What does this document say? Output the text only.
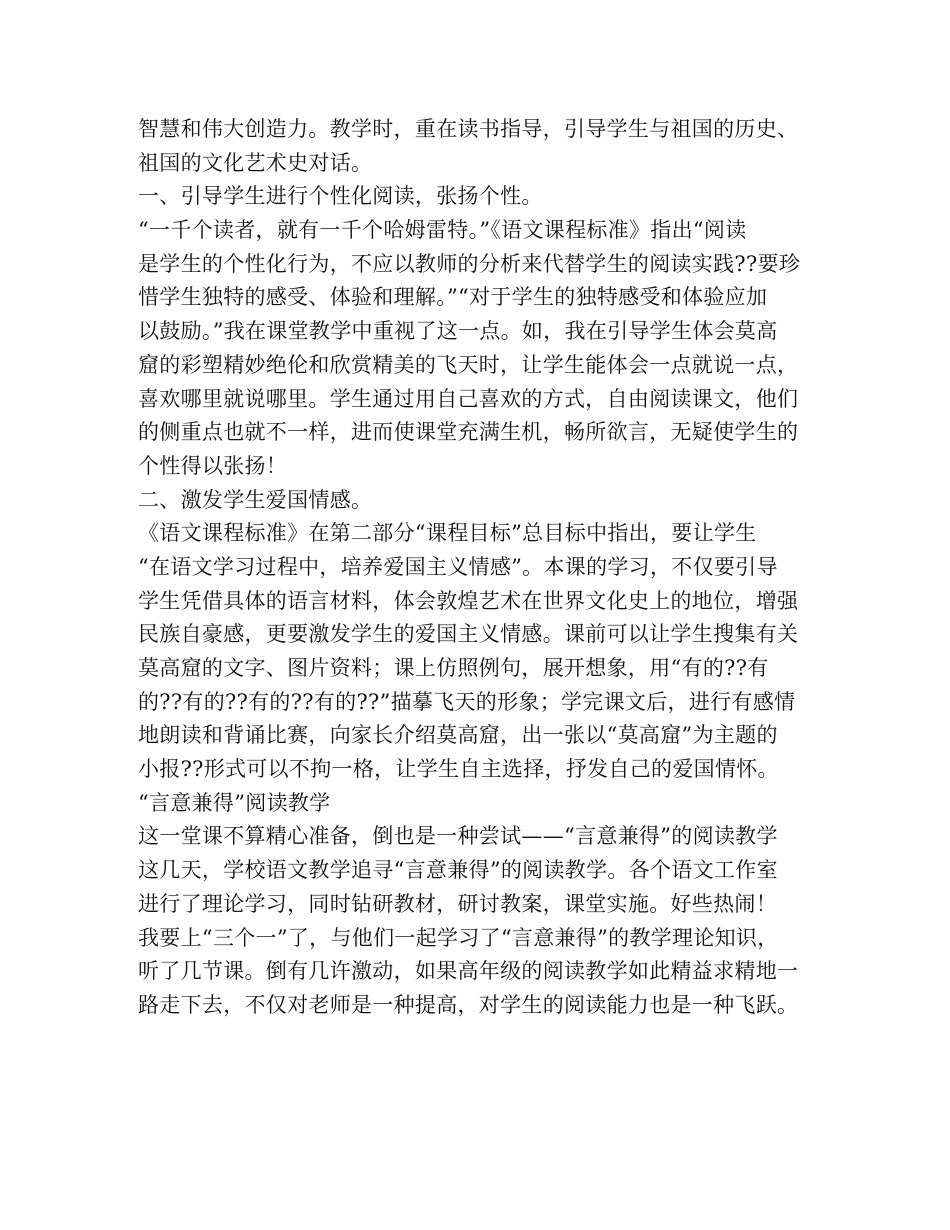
智慧和伟大创造力。教学时，重在读书指导，引导学生与祖国的历史、
祖国的文化艺术史对话。
一、引导学生进行个性化阅读，张扬个性。
“一千个读者，就有一千个哈姆雷特。”《语文课程标准》指出“阅读
是学生的个性化行为，不应以教师的分析来代替学生的阅读实践??要珍
惜学生独特的感受、体验和理解。”“对于学生的独特感受和体验应加
以鼓励。”我在课堂教学中重视了这一点。如，我在引导学生体会莫高
窟的彩塑精妙绝伦和欣赏精美的飞天时，让学生能体会一点就说一点，
喜欢哪里就说哪里。学生通过用自己喜欢的方式，自由阅读课文，他们
的侧重点也就不一样，进而使课堂充满生机，畅所欲言，无疑使学生的
个性得以张扬！
二、激发学生爱国情感。
《语文课程标准》在第二部分“课程目标”总目标中指出，要让学生
“在语文学习过程中，培养爱国主义情感”。本课的学习，不仅要引导
学生凭借具体的语言材料，体会敦煌艺术在世界文化史上的地位，增强
民族自豪感，更要激发学生的爱国主义情感。课前可以让学生搜集有关
莫高窟的文字、图片资料；课上仿照例句，展开想象，用“有的??有
的??有的??有的??有的??”描摹飞天的形象；学完课文后，进行有感情
地朗读和背诵比赛，向家长介绍莫高窟，出一张以“莫高窟”为主题的
小报??形式可以不拘一格，让学生自主选择，抒发自己的爱国情怀。
“言意兼得”阅读教学
这一堂课不算精心准备，倒也是一种尝试——“言意兼得”的阅读教学
这几天，学校语文教学追寻“言意兼得”的阅读教学。各个语文工作室
进行了理论学习，同时钻研教材，研讨教案，课堂实施。好些热闹！
我要上“三个一”了，与他们一起学习了“言意兼得”的教学理论知识，
听了几节课。倒有几许激动，如果高年级的阅读教学如此精益求精地一
路走下去，不仅对老师是一种提高，对学生的阅读能力也是一种飞跃。
